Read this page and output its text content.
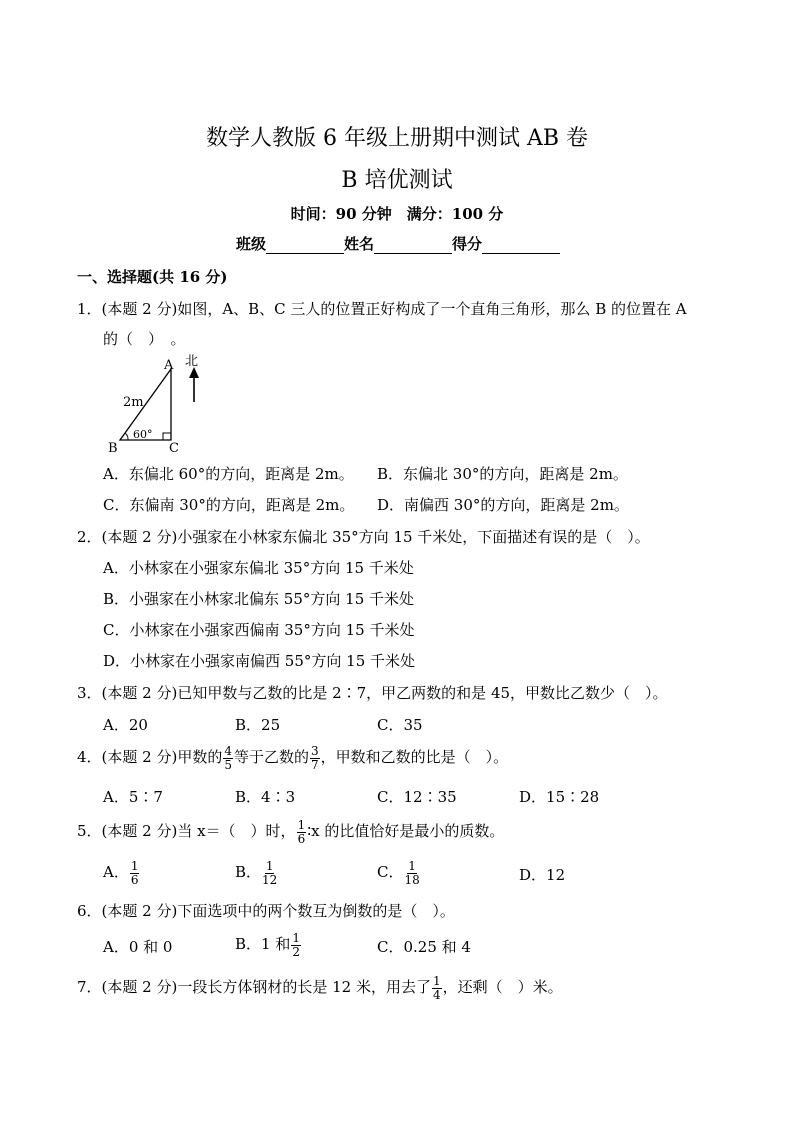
数学人教版 6 年级上册期中测试 AB 卷
B 培优测试
时间：90 分钟　满分：100 分
班级	姓名	得分
一、选择题(共 16 分)
1．(本题 2 分)如图，A、B、C 三人的位置正好构成了一个直角三角形，那么 B 的位置在 A
的（　）　。
A 北
2m
60°
B	C
A．东偏北 60°的方向，距离是 2m。 B．东偏北 30°的方向，距离是 2m。
C．东偏南 30°的方向，距离是 2m。 D．南偏西 30°的方向，距离是 2m。
2．(本题 2 分)小强家在小林家东偏北 35°方向 15 千米处，下面描述有误的是（　）。
A．小林家在小强家东偏北 35°方向 15 千米处
B．小强家在小林家北偏东 55°方向 15 千米处
C．小林家在小强家西偏南 35°方向 15 千米处
D．小林家在小强家南偏西 55°方向 15 千米处
3．(本题 2 分)已知甲数与乙数的比是 2∶7，甲乙两数的和是 45，甲数比乙数少（　）。
A．20	B．25	C．35
4．(本题 2 分)甲数的 $\frac{4}{5}$ 等于乙数的 $\frac{3}{7}$ ，甲数和乙数的比是（　）。
A．5∶7	B．4∶3	C．12∶35	D．15∶28
5．(本题 2 分)当 x＝（　）时， $\frac{1}{6}$ ∶x 的比值恰好是最小的质数。
A． $\frac{1}{6}$	B． $\frac{1}{12}$	C． $\frac{1}{18}$	D．12
6．(本题 2 分)下面选项中的两个数互为倒数的是（　）。
A．0 和 0	B．1 和 $\frac{1}{2}$	C．0.25 和 4
7．(本题 2 分)一段长方体钢材的长是 12 米，用去了 $\frac{1}{4}$ ，还剩（　）米。
